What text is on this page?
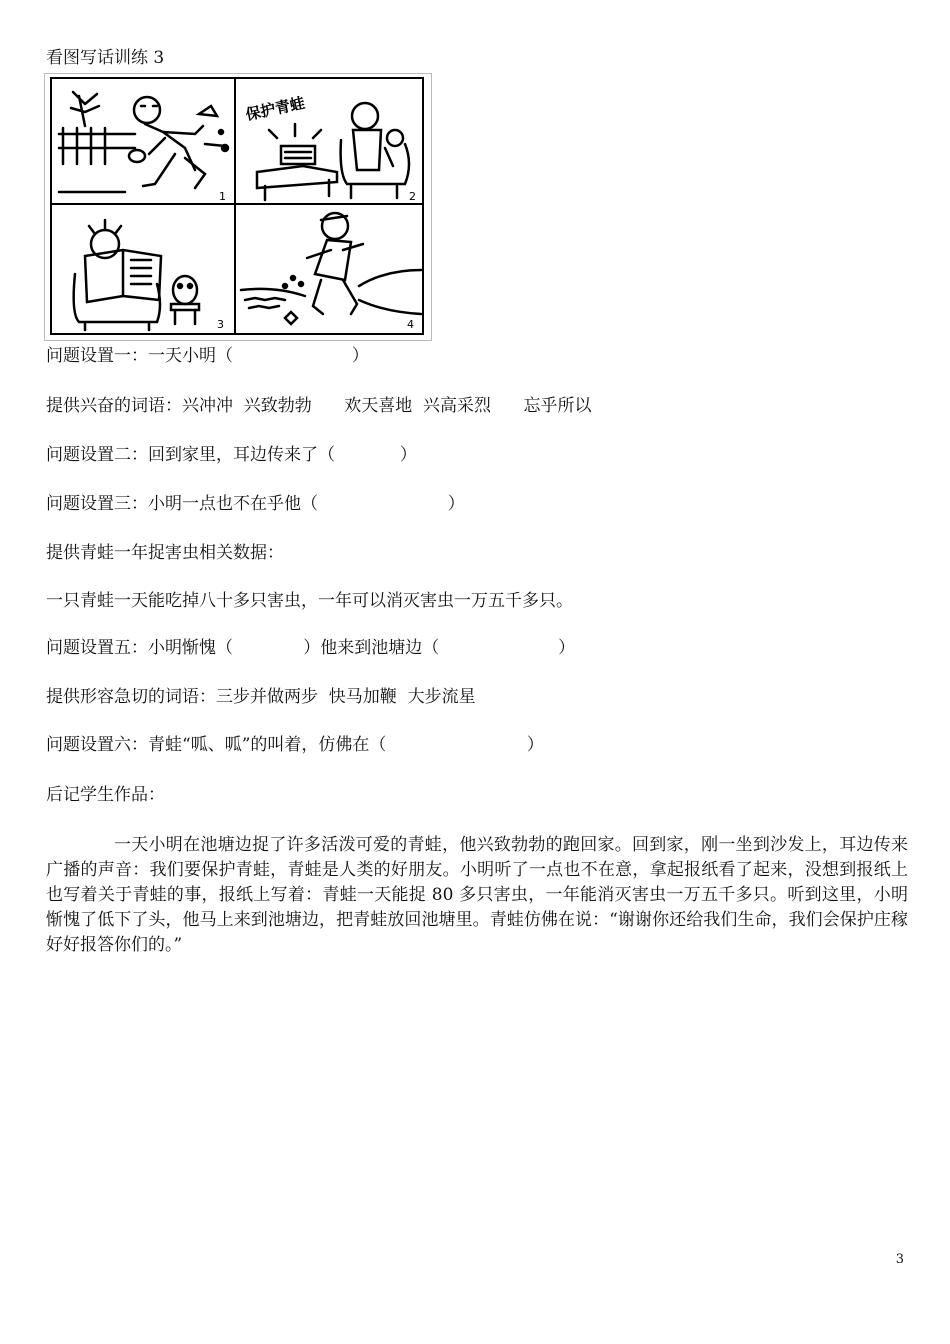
看图写话训练 3
保护青蛙
1	2
3	4
问题设置一：一天小明（                      ）
提供兴奋的词语：兴冲冲  兴致勃勃      欢天喜地  兴高采烈      忘乎所以
问题设置二：回到家里，耳边传来了（            ）
问题设置三：小明一点也不在乎他（                        ）
提供青蛙一年捉害虫相关数据：
一只青蛙一天能吃掉八十多只害虫，一年可以消灭害虫一万五千多只。
问题设置五：小明惭愧（             ）他来到池塘边（                      ）
提供形容急切的词语：三步并做两步  快马加鞭  大步流星
问题设置六：青蛙“呱、呱”的叫着，仿佛在（                          ）
后记学生作品：
一天小明在池塘边捉了许多活泼可爱的青蛙，他兴致勃勃的跑回家。回到家，刚一坐到沙发上，耳边传来广播的声音：我们要保护青蛙，青蛙是人类的好朋友。小明听了一点也不在意，拿起报纸看了起来，没想到报纸上也写着关于青蛙的事，报纸上写着：青蛙一天能捉 80 多只害虫，一年能消灭害虫一万五千多只。听到这里，小明惭愧了低下了头，他马上来到池塘边，把青蛙放回池塘里。青蛙仿佛在说：“谢谢你还给我们生命，我们会保护庄稼好好报答你们的。”
3
